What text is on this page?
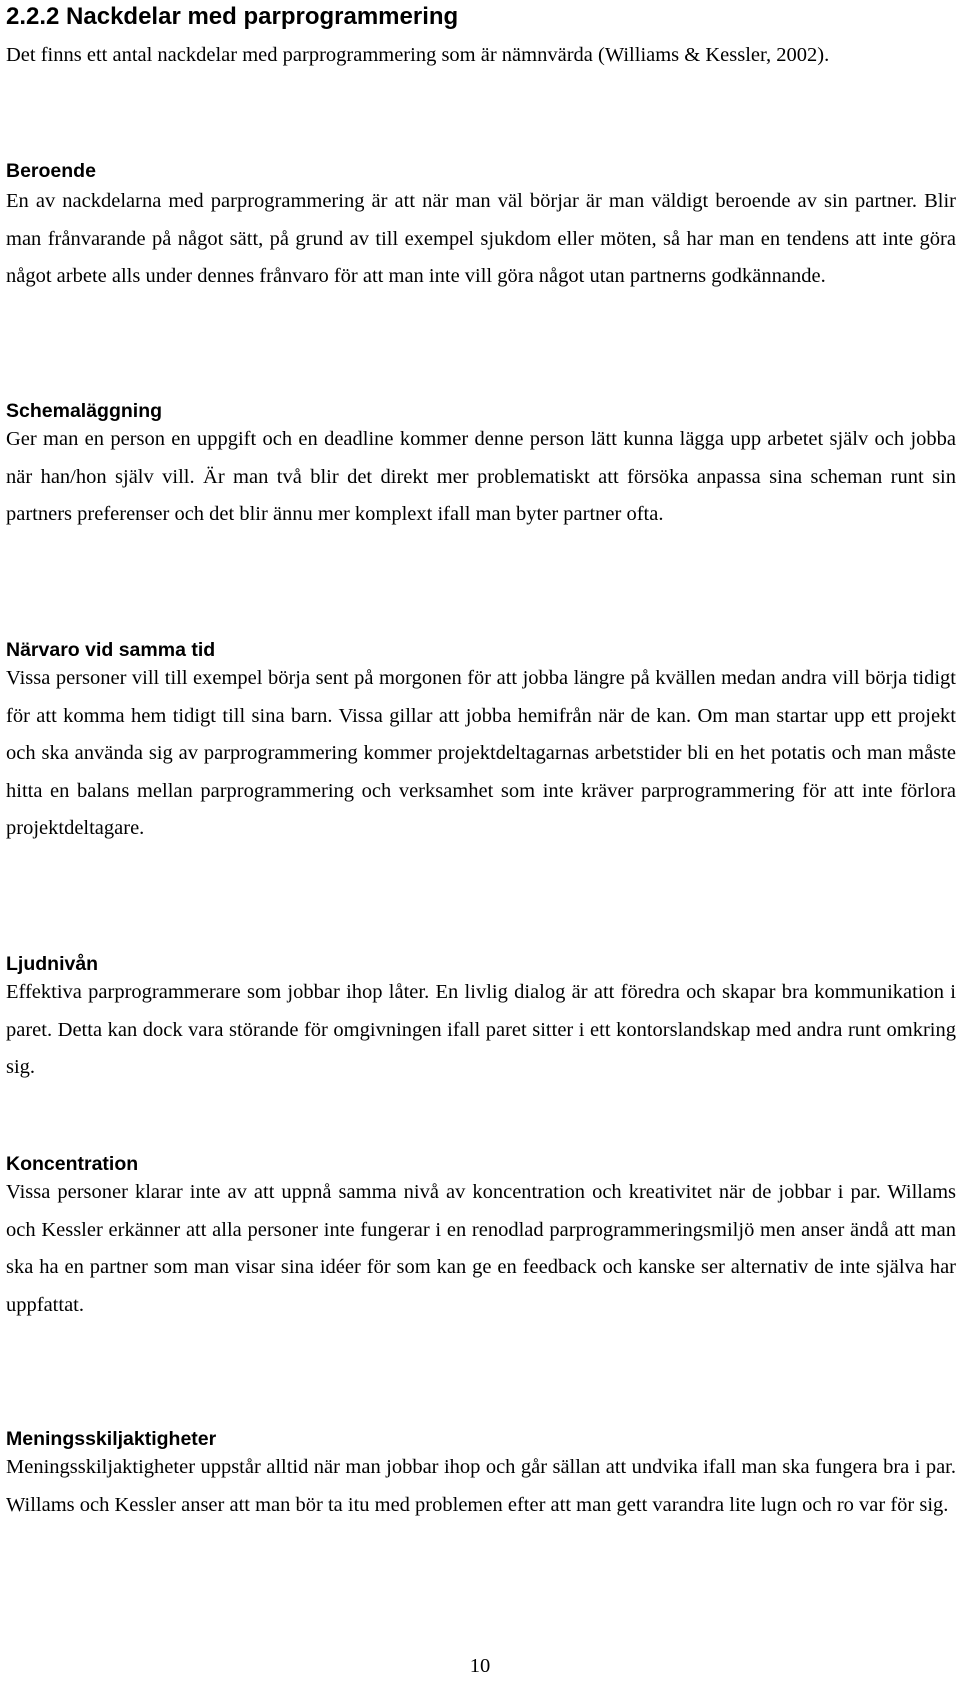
2.2.2 Nackdelar med parprogrammering

Det finns ett antal nackdelar med parprogrammering som är nämnvärda (Williams & Kessler, 2002).

Beroende

En av nackdelarna med parprogrammering är att när man väl börjar är man väldigt beroende av sin partner. Blir man frånvarande på något sätt, på grund av till exempel sjukdom eller möten, så har man en tendens att inte göra något arbete alls under dennes frånvaro för att man inte vill göra något utan partnerns godkännande.

Schemaläggning

Ger man en person en uppgift och en deadline kommer denne person lätt kunna lägga upp arbetet själv och jobba när han/hon själv vill. Är man två blir det direkt mer problematiskt att försöka anpassa sina scheman runt sin partners preferenser och det blir ännu mer komplext ifall man byter partner ofta.

Närvaro vid samma tid

Vissa personer vill till exempel börja sent på morgonen för att jobba längre på kvällen medan andra vill börja tidigt för att komma hem tidigt till sina barn. Vissa gillar att jobba hemifrån när de kan. Om man startar upp ett projekt och ska använda sig av parprogrammering kommer projektdeltagarnas arbetstider bli en het potatis och man måste hitta en balans mellan parprogrammering och verksamhet som inte kräver parprogrammering för att inte förlora projektdeltagare.

Ljudnivån

Effektiva parprogrammerare som jobbar ihop låter. En livlig dialog är att föredra och skapar bra kommunikation i paret. Detta kan dock vara störande för omgivningen ifall paret sitter i ett kontorslandskap med andra runt omkring sig.

Koncentration

Vissa personer klarar inte av att uppnå samma nivå av koncentration och kreativitet när de jobbar i par. Willams och Kessler erkänner att alla personer inte fungerar i en renodlad parprogrammeringsmiljö men anser ändå att man ska ha en partner som man visar sina idéer för som kan ge en feedback och kanske ser alternativ de inte själva har uppfattat.

Meningsskiljaktigheter

Meningsskiljaktigheter uppstår alltid när man jobbar ihop och går sällan att undvika ifall man ska fungera bra i par. Willams och Kessler anser att man bör ta itu med problemen efter att man gett varandra lite lugn och ro var för sig.

10
